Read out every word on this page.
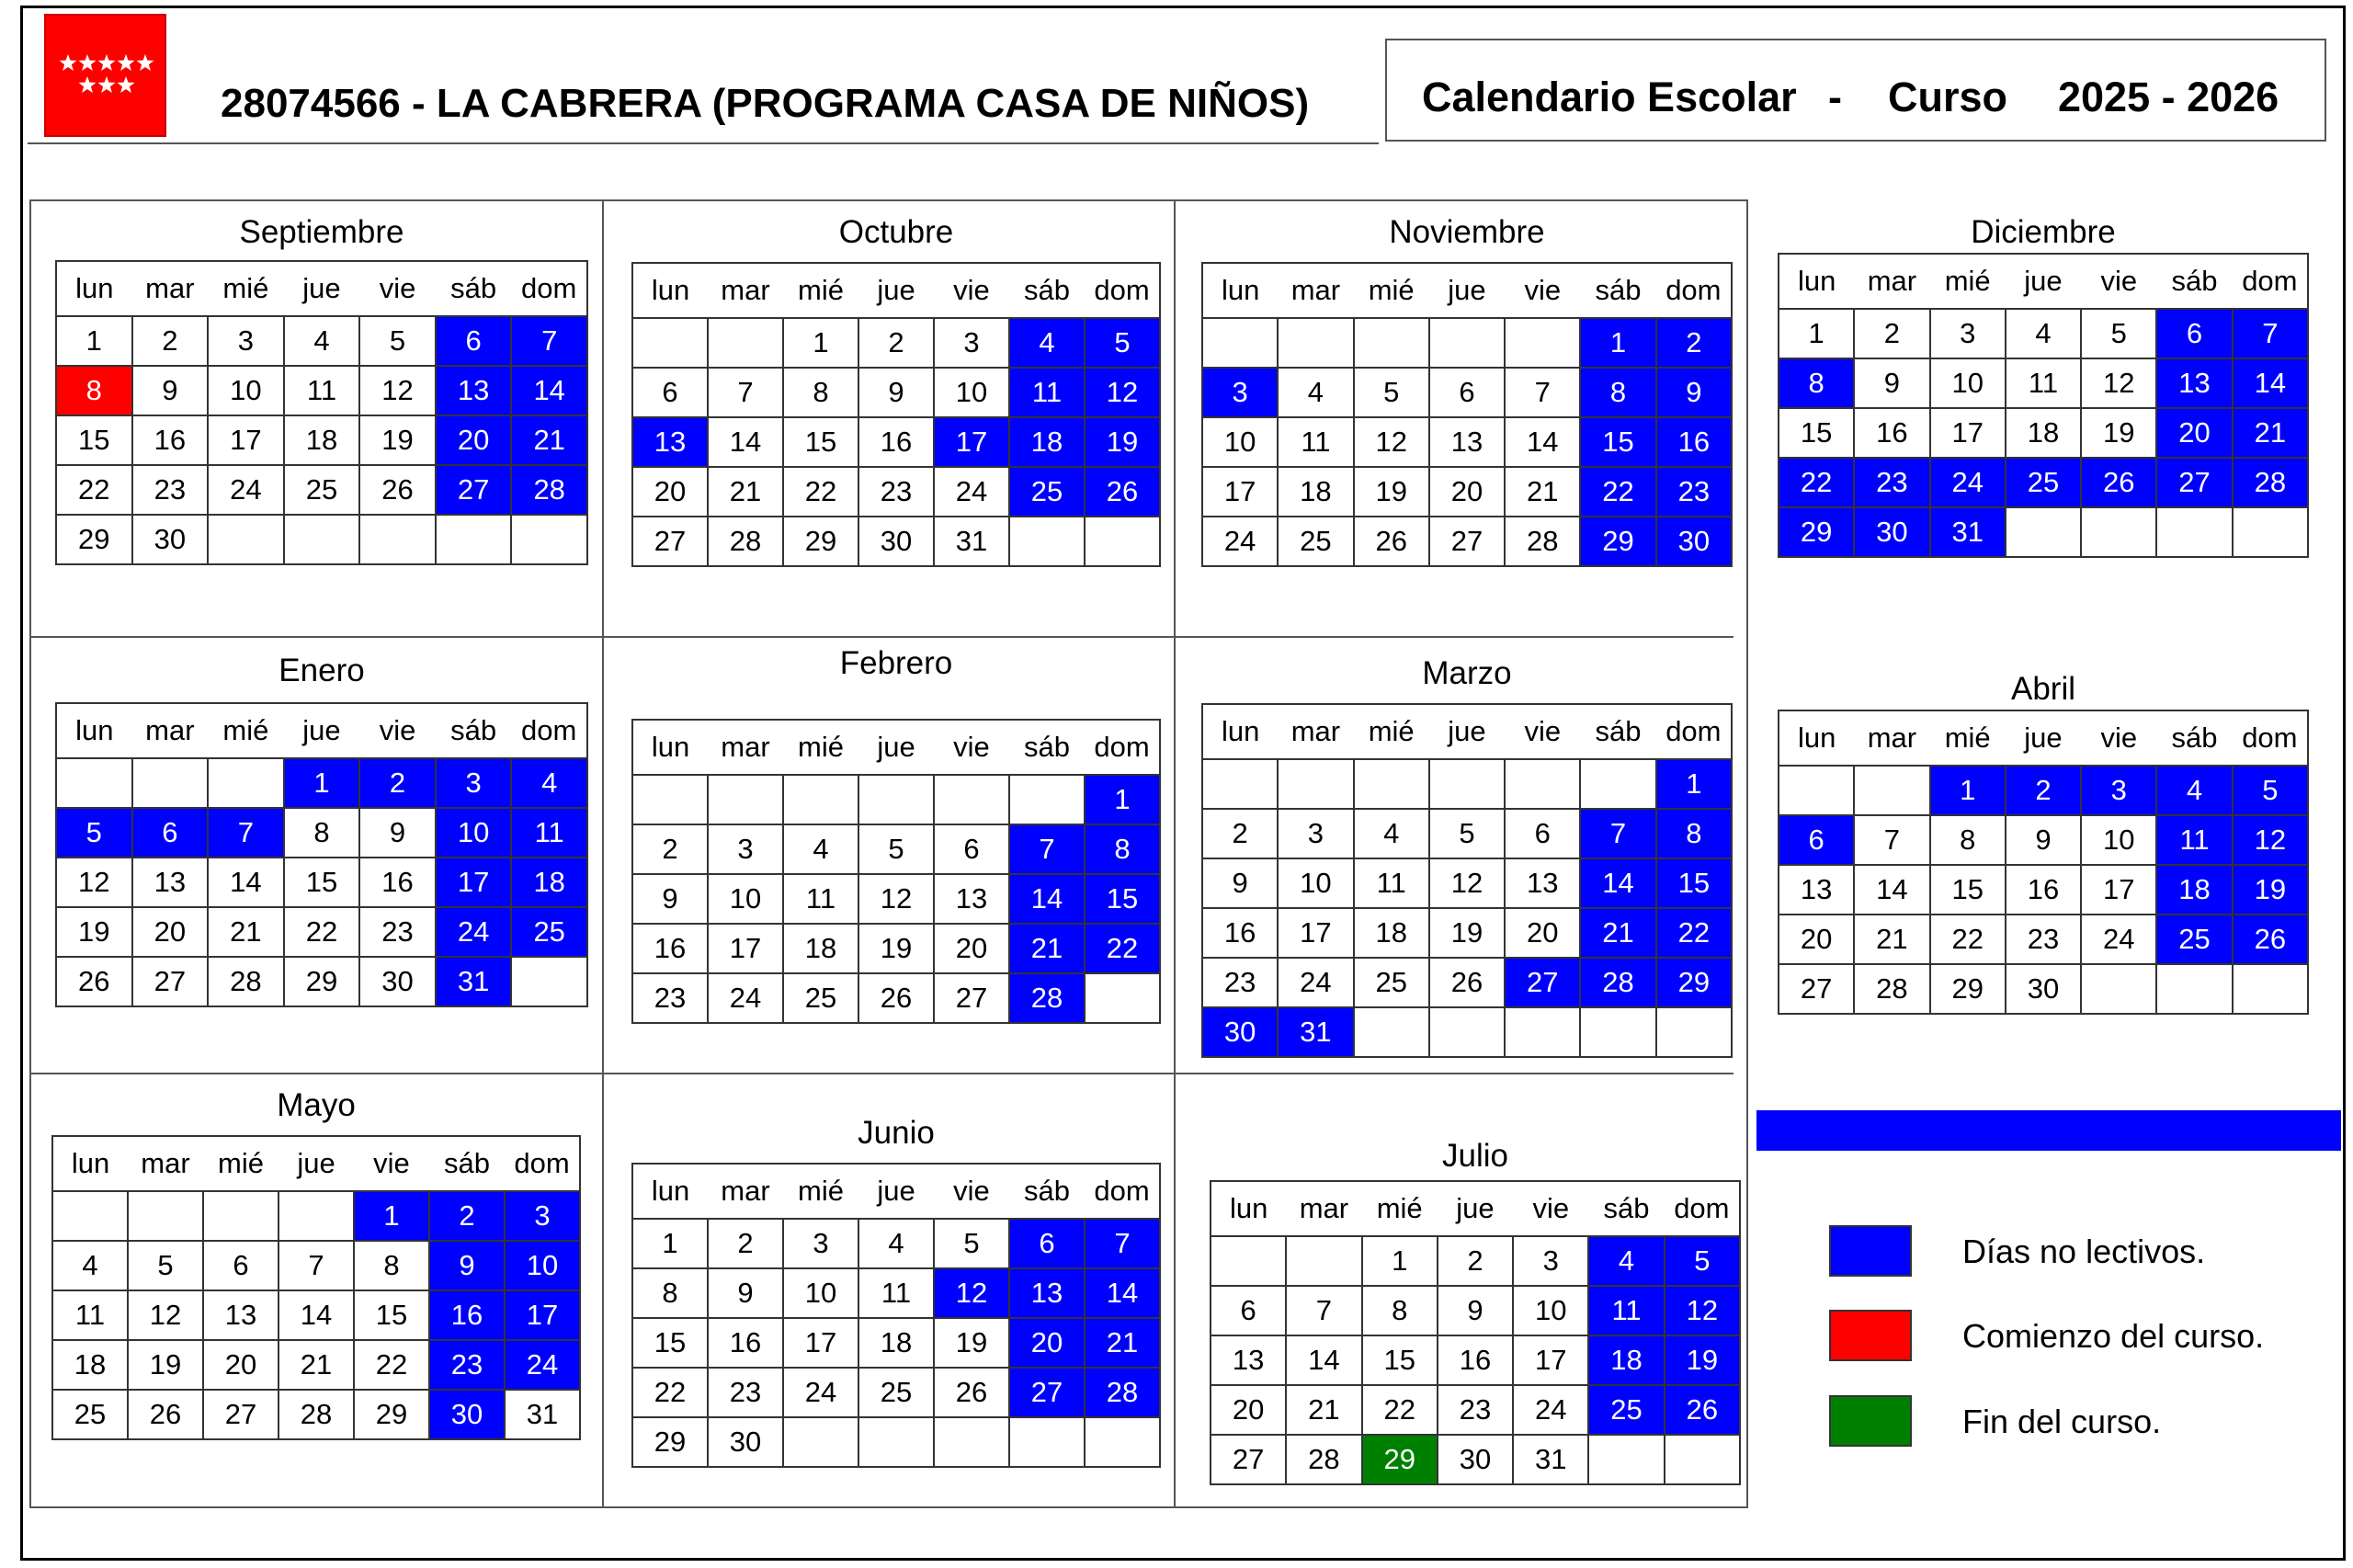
28074566 - LA CABRERA (PROGRAMA CASA DE NIÑOS)	Calendario Escolar - Curso 2025 - 2026
Septiembre
lun	mar	mié	jue	vie	sáb	dom
1	2	3	4	5	6	7
8	9	10	11	12	13	14
15	16	17	18	19	20	21
22	23	24	25	26	27	28
29	30					
Octubre
lun	mar	mié	jue	vie	sáb	dom
		1	2	3	4	5
6	7	8	9	10	11	12
13	14	15	16	17	18	19
20	21	22	23	24	25	26
27	28	29	30	31		
Noviembre
lun	mar	mié	jue	vie	sáb	dom
					1	2
3	4	5	6	7	8	9
10	11	12	13	14	15	16
17	18	19	20	21	22	23
24	25	26	27	28	29	30
Diciembre
lun	mar	mié	jue	vie	sáb	dom
1	2	3	4	5	6	7
8	9	10	11	12	13	14
15	16	17	18	19	20	21
22	23	24	25	26	27	28
29	30	31				
Enero
lun	mar	mié	jue	vie	sáb	dom
			1	2	3	4
5	6	7	8	9	10	11
12	13	14	15	16	17	18
19	20	21	22	23	24	25
26	27	28	29	30	31	
Febrero
lun	mar	mié	jue	vie	sáb	dom
						1
2	3	4	5	6	7	8
9	10	11	12	13	14	15
16	17	18	19	20	21	22
23	24	25	26	27	28	
Marzo
lun	mar	mié	jue	vie	sáb	dom
						1
2	3	4	5	6	7	8
9	10	11	12	13	14	15
16	17	18	19	20	21	22
23	24	25	26	27	28	29
30	31					
Abril
lun	mar	mié	jue	vie	sáb	dom
		1	2	3	4	5
6	7	8	9	10	11	12
13	14	15	16	17	18	19
20	21	22	23	24	25	26
27	28	29	30			
Mayo
lun	mar	mié	jue	vie	sáb	dom
				1	2	3
4	5	6	7	8	9	10
11	12	13	14	15	16	17
18	19	20	21	22	23	24
25	26	27	28	29	30	31
Junio
lun	mar	mié	jue	vie	sáb	dom
1	2	3	4	5	6	7
8	9	10	11	12	13	14
15	16	17	18	19	20	21
22	23	24	25	26	27	28
29	30					
Julio
lun	mar	mié	jue	vie	sáb	dom
		1	2	3	4	5
6	7	8	9	10	11	12
13	14	15	16	17	18	19
20	21	22	23	24	25	26
27	28	29	30	31		
Días no lectivos.
Comienzo del curso.
Fin del curso.
